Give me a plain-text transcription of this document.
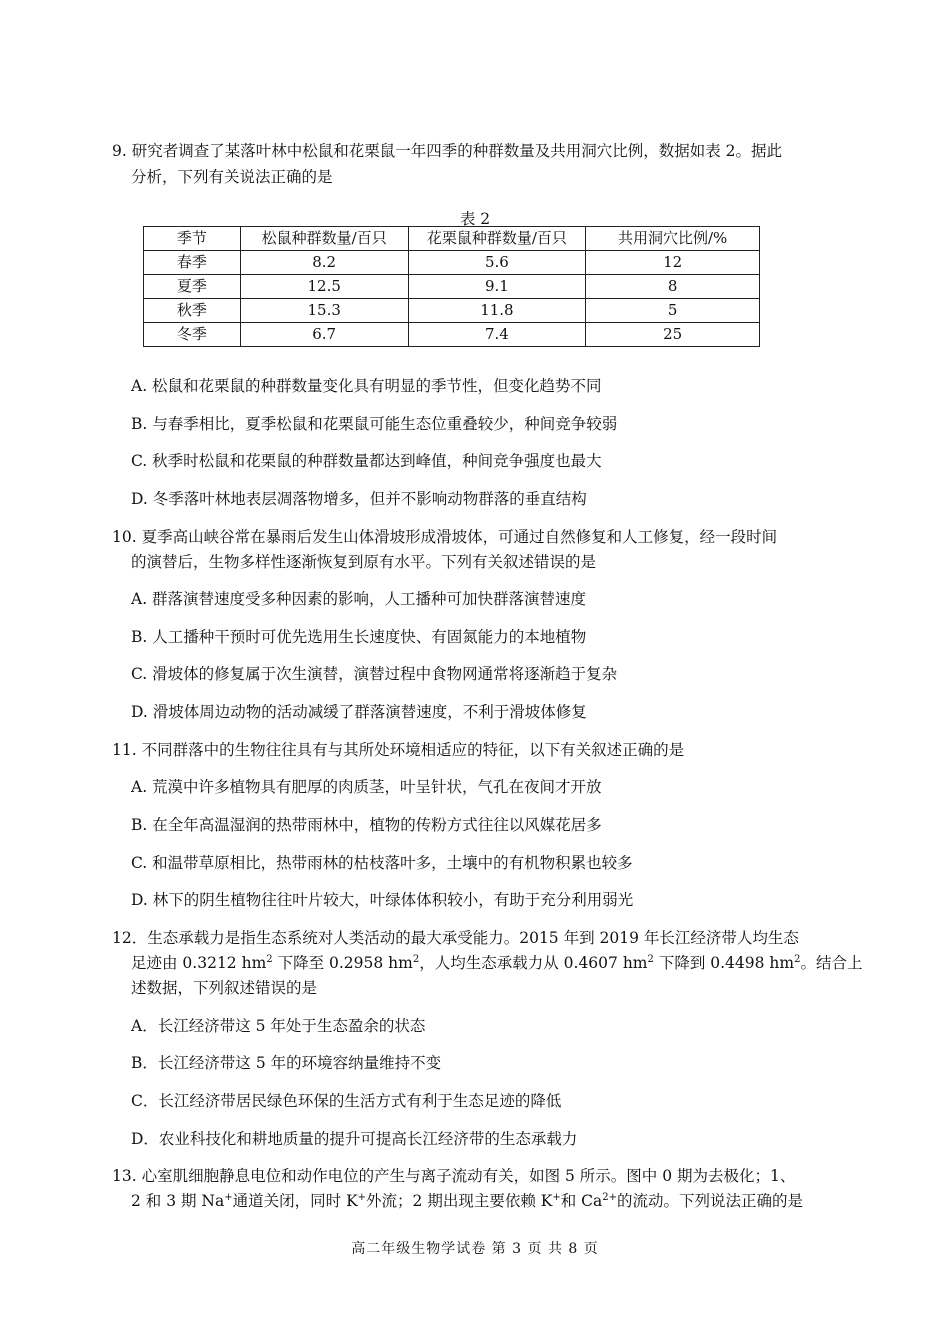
9. 研究者调查了某落叶林中松鼠和花栗鼠一年四季的种群数量及共用洞穴比例，数据如表 2。据此
分析，下列有关说法正确的是
表 2
季节	松鼠种群数量/百只	花栗鼠种群数量/百只	共用洞穴比例/%
春季	8.2	5.6	12
夏季	12.5	9.1	8
秋季	15.3	11.8	5
冬季	6.7	7.4	25
A. 松鼠和花栗鼠的种群数量变化具有明显的季节性，但变化趋势不同
B. 与春季相比，夏季松鼠和花栗鼠可能生态位重叠较少，种间竞争较弱
C. 秋季时松鼠和花栗鼠的种群数量都达到峰值，种间竞争强度也最大
D. 冬季落叶林地表层凋落物增多，但并不影响动物群落的垂直结构
10. 夏季高山峡谷常在暴雨后发生山体滑坡形成滑坡体，可通过自然修复和人工修复，经一段时间
的演替后，生物多样性逐渐恢复到原有水平。下列有关叙述错误的是
A. 群落演替速度受多种因素的影响，人工播种可加快群落演替速度
B. 人工播种干预时可优先选用生长速度快、有固氮能力的本地植物
C. 滑坡体的修复属于次生演替，演替过程中食物网通常将逐渐趋于复杂
D. 滑坡体周边动物的活动减缓了群落演替速度，不利于滑坡体修复
11. 不同群落中的生物往往具有与其所处环境相适应的特征，以下有关叙述正确的是
A. 荒漠中许多植物具有肥厚的肉质茎，叶呈针状，气孔在夜间才开放
B. 在全年高温湿润的热带雨林中，植物的传粉方式往往以风媒花居多
C. 和温带草原相比，热带雨林的枯枝落叶多，土壤中的有机物积累也较多
D. 林下的阴生植物往往叶片较大，叶绿体体积较小，有助于充分利用弱光
12．生态承载力是指生态系统对人类活动的最大承受能力。2015 年到 2019 年长江经济带人均生态
足迹由 0.3212 $hm^2$ 下降至 0.2958 $hm^2$，人均生态承载力从 0.4607 $hm^2$ 下降到 0.4498 $hm^2$。结合上
述数据，下列叙述错误的是
A．长江经济带这 5 年处于生态盈余的状态
B．长江经济带这 5 年的环境容纳量维持不变
C．长江经济带居民绿色环保的生活方式有利于生态足迹的降低
D．农业科技化和耕地质量的提升可提高长江经济带的生态承载力
13. 心室肌细胞静息电位和动作电位的产生与离子流动有关，如图 5 所示。图中 0 期为去极化；1、
2 和 3 期 Na+通道关闭，同时 K+外流；2 期出现主要依赖 K+和 $Ca^{2+}$的流动。下列说法正确的是
高二年级生物学试卷 第 3 页 共 8 页
